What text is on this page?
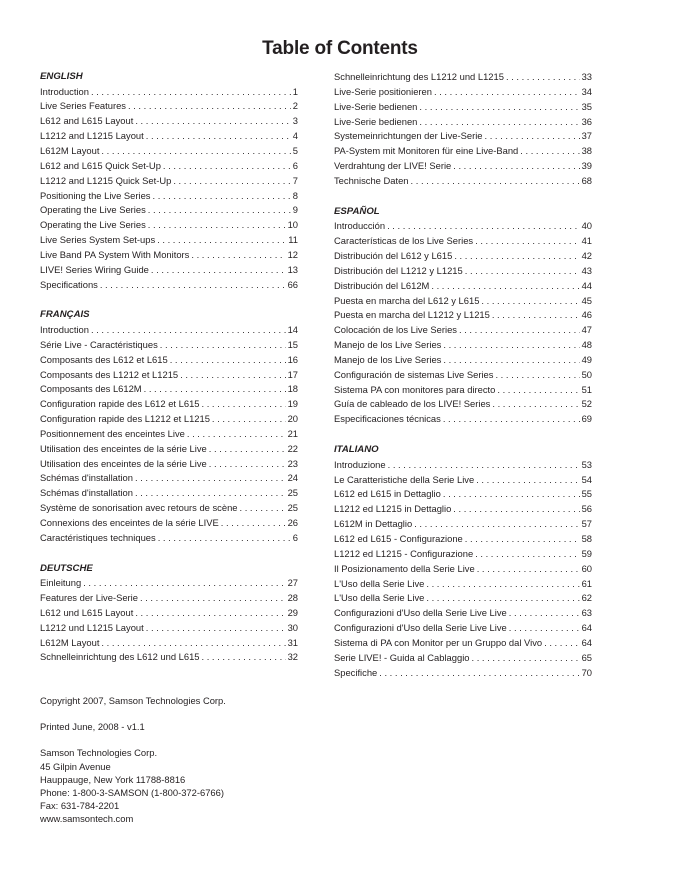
Table of Contents
ENGLISH
Introduction . . .	1
Live Series Features . . .	2
L612 and L615 Layout . . .	3
L1212 and L1215 Layout . . .	4
L612M Layout . . .	5
L612 and L615 Quick Set-Up . . .	6
L1212 and L1215 Quick Set-Up . . .	7
Positioning the Live Series . . .	8
Operating the Live Series . . .	9
Operating the Live Series . . .	10
Live Series System Set-ups . . .	11
Live Band PA System With Monitors . . .	12
LIVE! Series Wiring Guide . . .	13
Specifications . . .	66
FRANÇAIS
Introduction . . .	14
Série Live - Caractéristiques . . .	15
Composants des L612 et L615 . . .	16
Composants des L1212 et L1215 . . .	17
Composants des L612M . . .	18
Configuration rapide des L612 et L615 . . .	19
Configuration rapide des L1212 et L1215 . . .	20
Positionnement des enceintes Live . . .	21
Utilisation des enceintes de la série Live . . .	22
Utilisation des enceintes de la série Live . . .	23
Schémas d'installation . . .	24
Schémas d'installation . . .	25
Système de sonorisation avec retours de scène . . .	25
Connexions des enceintes de la série LIVE . . .	26
Caractéristiques techniques . . .	6
DEUTSCHE
Einleitung . . .	27
Features der Live-Serie . . .	28
L612 und L615 Layout . . .	29
L1212 und L1215 Layout . . .	30
L612M Layout . . .	31
Schnelleinrichtung des L612 und L615 . . .	32
Schnelleinrichtung des L1212 und L1215 . . .	33
Live-Serie positionieren . . .	34
Live-Serie bedienen . . .	35
Live-Serie bedienen . . .	36
Systemeinrichtungen der Live-Serie . . .	37
PA-System mit Monitoren für eine Live-Band . . .	38
Verdrahtung der LIVE! Serie . . .	39
Technische Daten . . .	68
ESPAÑOL
Introducción . . .	40
Características de los Live Series . . .	41
Distribución del L612 y L615 . . .	42
Distribución del L1212 y L1215 . . .	43
Distribución del L612M . . .	44
Puesta en marcha del L612 y L615 . . .	45
Puesta en marcha del L1212 y L1215 . . .	46
Colocación de los Live Series . . .	47
Manejo de los Live Series . . .	48
Manejo de los Live Series . . .	49
Configuración de sistemas Live Series . . .	50
Sistema PA con monitores para directo . . .	51
Guía de cableado de los LIVE! Series . . .	52
Especificaciones técnicas . . .	69
ITALIANO
Introduzione . . .	53
Le Caratteristiche della Serie Live . . .	54
L612 ed L615 in Dettaglio . . .	55
L1212 ed L1215 in Dettaglio . . .	56
L612M in Dettaglio . . .	57
L612 ed L615 - Configurazione . . .	58
L1212 ed L1215 - Configurazione . . .	59
Il Posizionamento della Serie Live . . .	60
L'Uso della Serie Live . . .	61
L'Uso della Serie Live . . .	62
Configurazioni d'Uso della Serie Live Live . . .	63
Configurazioni d'Uso della Serie Live Live . . .	64
Sistema di PA con Monitor per un Gruppo dal Vivo . . .	64
Serie LIVE! - Guida al Cablaggio . . .	65
Specifiche . . .	70

Copyright 2007, Samson Technologies Corp.

Printed June, 2008 - v1.1

Samson Technologies Corp.

45 Gilpin Avenue

Hauppauge, New York 11788-8816

Phone: 1-800-3-SAMSON (1-800-372-6766)

Fax: 631-784-2201

www.samsontech.com
